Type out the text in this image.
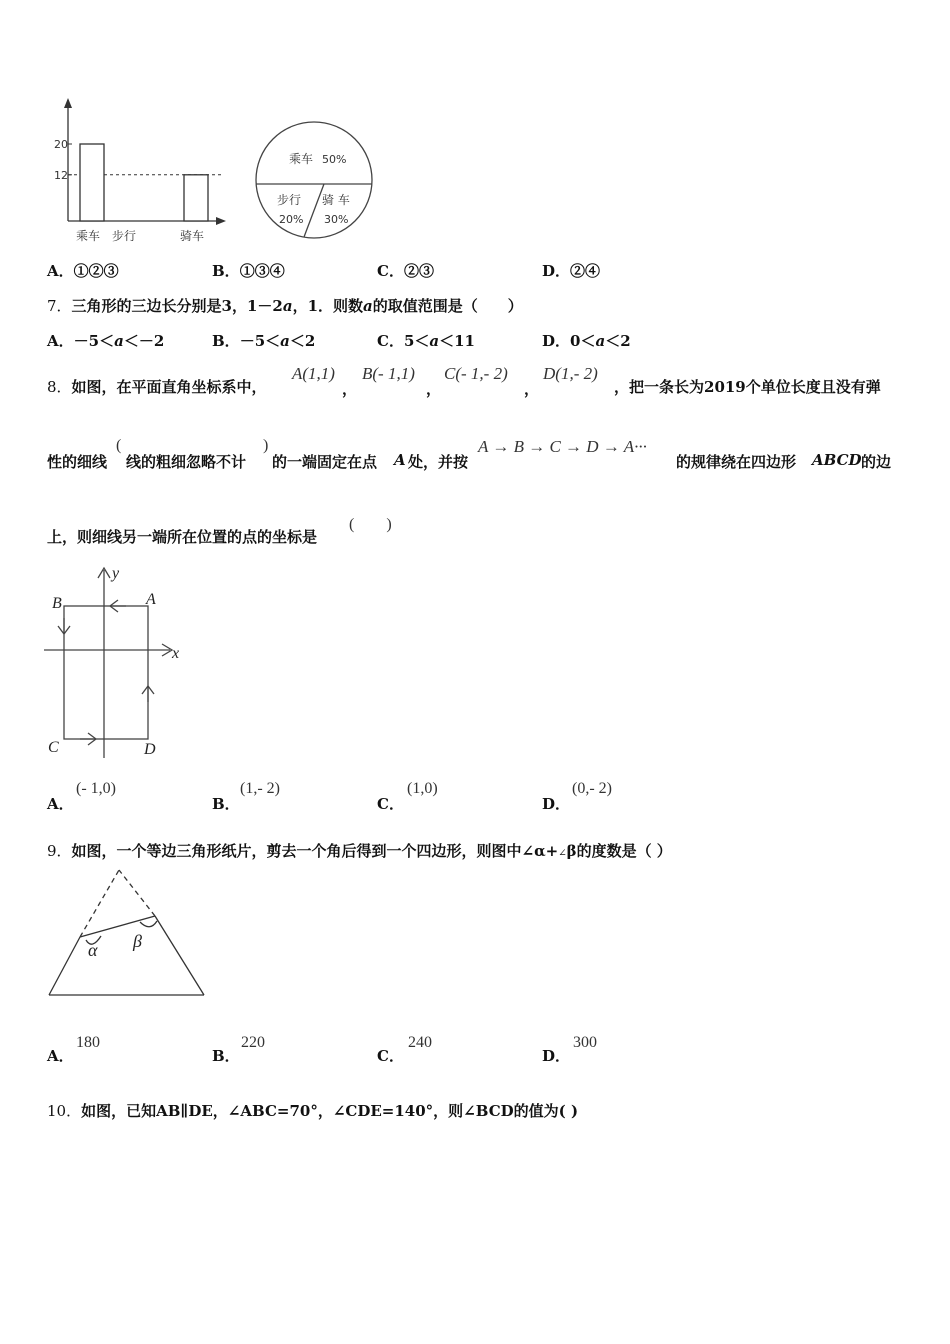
12
20
乘车 步行	骑车
乘车 50%
步行
20%
骑 车
30%
A．①②③	B．①③④	C．②③	D．②④
7．三角形的三边长分别是3，1－2a，1．则数a的取值范围是（　　）
A．－5＜a＜－2	B．－5＜a＜2	C．5＜a＜11	D．0＜a＜2
8．如图，在平面直角坐标系中，
A(1,1)
，
B(- 1,1)
，
C(- 1,- 2)
，
D(1,- 2)
，把一条长为2019个单位长度且没有弹
性的细线
(
线的粗细忽略不计
)
的一端固定在点 A 处，并按
A → B → C → D → A···
的规律绕在四边形 ABCD 的边
上，则细线另一端所在位置的点的坐标是
(　　)
A
B
C	D
x
y
A．
(- 1,0)
B．
(1,- 2)
C．
(1,0)
D．
(0,- 2)
9．如图，一个等边三角形纸片，剪去一个角后得到一个四边形，则图中∠α+∠β的度数是（ ）
α β
A．
180
B．
220
C．
240
D．
300
10．如图，已知AB∥DE，∠ABC=70°，∠CDE=140°，则∠BCD的值为( )
